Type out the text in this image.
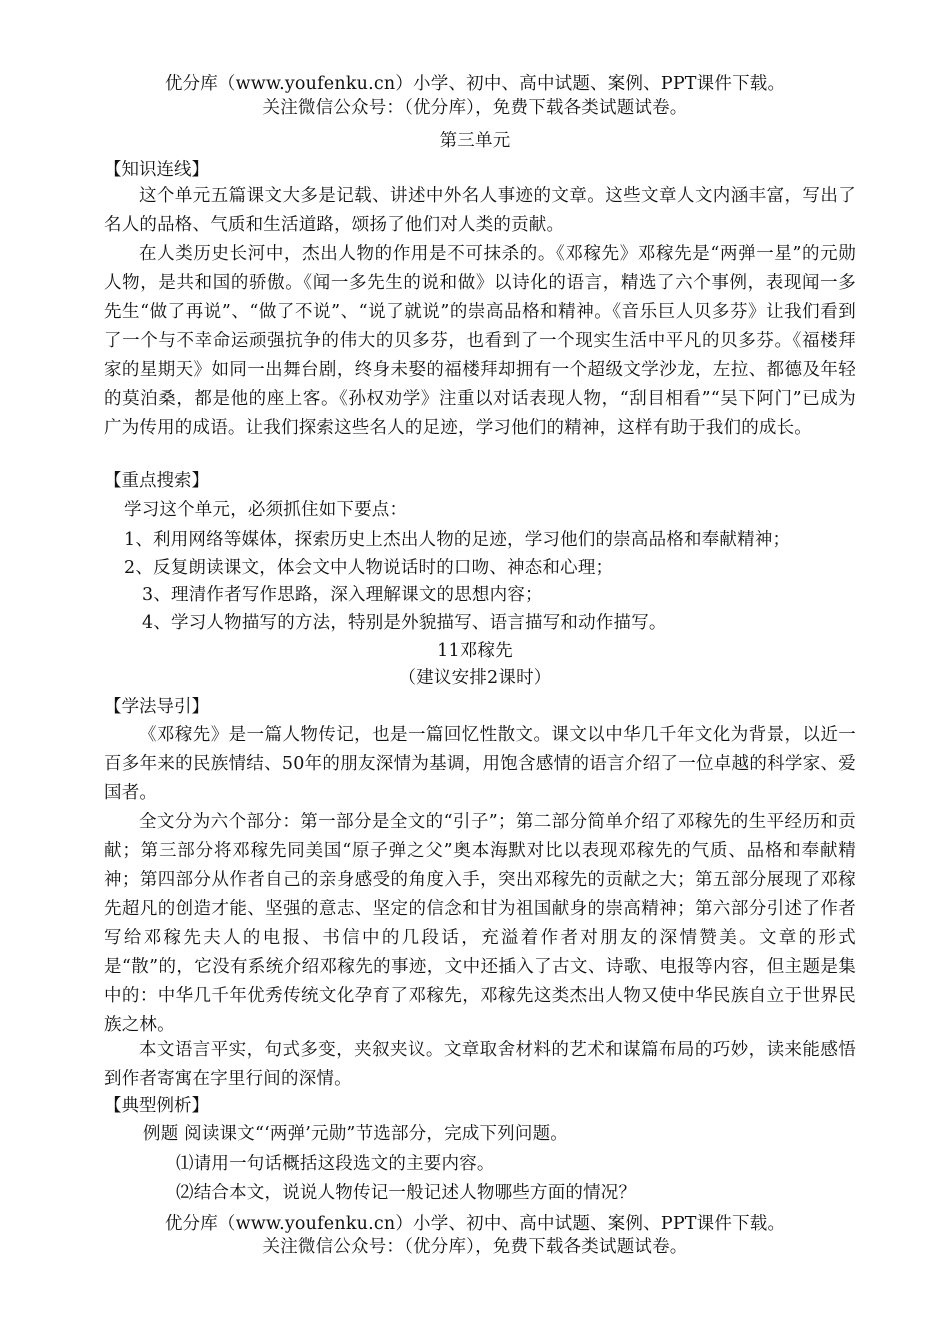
优分库（www.youfenku.cn）小学、初中、高中试题、案例、PPT课件下载。
关注微信公众号：（优分库），免费下载各类试题试卷。
第三单元
【知识连线】
这个单元五篇课文大多是记载、讲述中外名人事迹的文章。这些文章人文内涵丰富，写出了名人的品格、气质和生活道路，颂扬了他们对人类的贡献。
在人类历史长河中，杰出人物的作用是不可抹杀的。《邓稼先》邓稼先是“两弹一星”的元勋人物，是共和国的骄傲。《闻一多先生的说和做》以诗化的语言，精选了六个事例，表现闻一多先生“做了再说”、“做了不说”、“说了就说”的崇高品格和精神。《音乐巨人贝多芬》让我们看到了一个与不幸命运顽强抗争的伟大的贝多芬，也看到了一个现实生活中平凡的贝多芬。《福楼拜家的星期天》如同一出舞台剧，终身未娶的福楼拜却拥有一个超级文学沙龙，左拉、都德及年轻的莫泊桑，都是他的座上客。《孙权劝学》注重以对话表现人物，“刮目相看”“吴下阿门”已成为广为传用的成语。让我们探索这些名人的足迹，学习他们的精神，这样有助于我们的成长。
【重点搜索】
学习这个单元，必须抓住如下要点：
1、利用网络等媒体，探索历史上杰出人物的足迹，学习他们的崇高品格和奉献精神；
2、反复朗读课文，体会文中人物说话时的口吻、神态和心理；
3、理清作者写作思路，深入理解课文的思想内容；
4、学习人物描写的方法，特别是外貌描写、语言描写和动作描写。
11邓稼先
（建议安排2课时）
【学法导引】
《邓稼先》是一篇人物传记，也是一篇回忆性散文。课文以中华几千年文化为背景，以近一百多年来的民族情结、50年的朋友深情为基调，用饱含感情的语言介绍了一位卓越的科学家、爱国者。
全文分为六个部分：第一部分是全文的“引子”；第二部分简单介绍了邓稼先的生平经历和贡献；第三部分将邓稼先同美国“原子弹之父”奥本海默对比以表现邓稼先的气质、品格和奉献精神；第四部分从作者自己的亲身感受的角度入手，突出邓稼先的贡献之大；第五部分展现了邓稼先超凡的创造才能、坚强的意志、坚定的信念和甘为祖国献身的崇高精神；第六部分引述了作者写给邓稼先夫人的电报、书信中的几段话，充溢着作者对朋友的深情赞美。文章的形式是“散”的，它没有系统介绍邓稼先的事迹，文中还插入了古文、诗歌、电报等内容，但主题是集中的：中华几千年优秀传统文化孕育了邓稼先，邓稼先这类杰出人物又使中华民族自立于世界民族之林。
本文语言平实，句式多变，夹叙夹议。文章取舍材料的艺术和谋篇布局的巧妙，读来能感悟到作者寄寓在字里行间的深情。
【典型例析】
例题 阅读课文“‘两弹’元勋”节选部分，完成下列问题。
⑴请用一句话概括这段选文的主要内容。
⑵结合本文，说说人物传记一般记述人物哪些方面的情况？
优分库（www.youfenku.cn）小学、初中、高中试题、案例、PPT课件下载。
关注微信公众号：（优分库），免费下载各类试题试卷。
